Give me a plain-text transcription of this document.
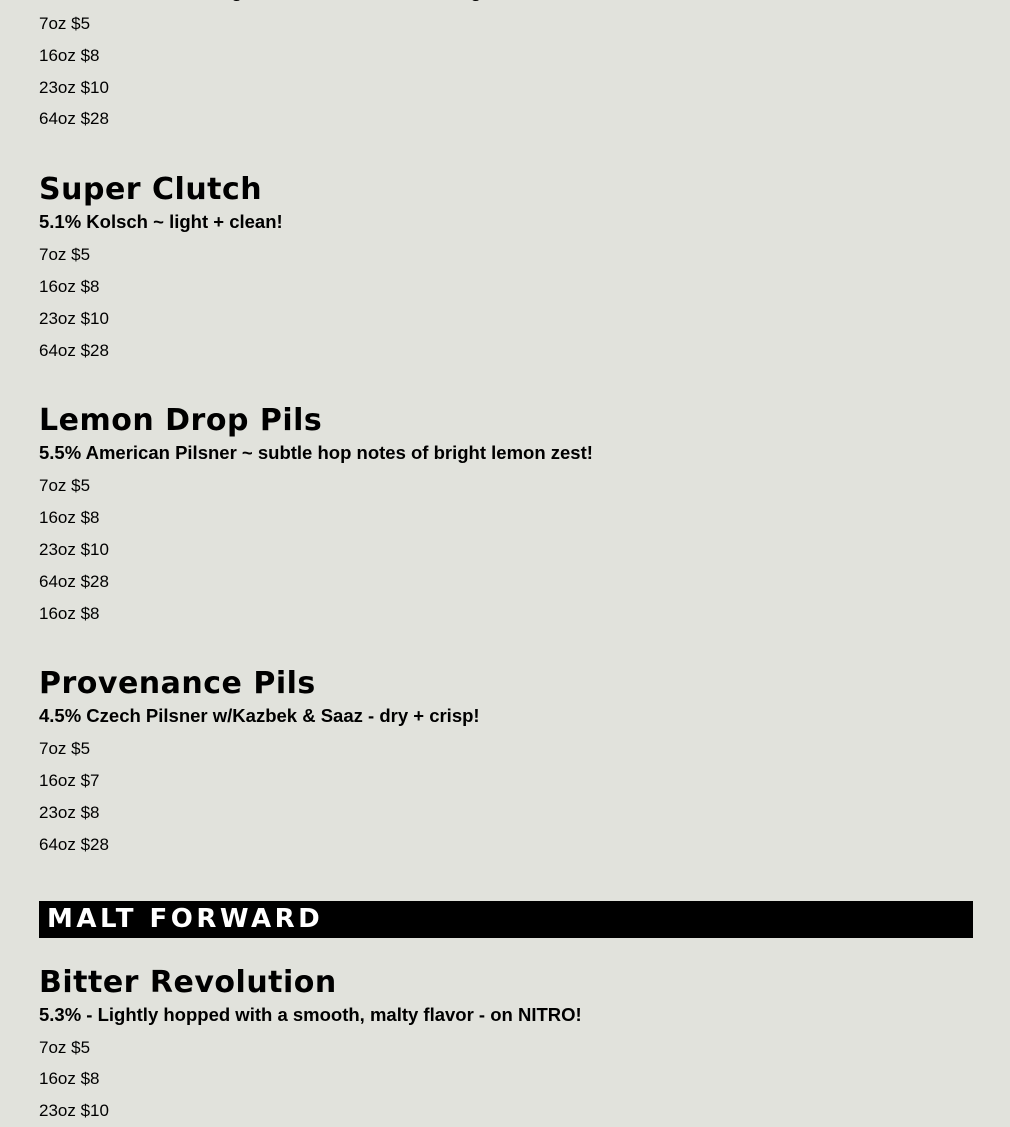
7oz $5
16oz $8
23oz $10
64oz $28
Super Clutch
5.1% Kolsch ~ light + clean!
7oz $5
16oz $8
23oz $10
64oz $28
Lemon Drop Pils
5.5% American Pilsner ~ subtle hop notes of bright lemon zest!
7oz $5
16oz $8
23oz $10
64oz $28
16oz $8
Provenance Pils
4.5% Czech Pilsner w/Kazbek & Saaz - dry + crisp!
7oz $5
16oz $7
23oz $8
64oz $28
MALT FORWARD
Bitter Revolution
5.3% - Lightly hopped with a smooth, malty flavor - on NITRO!
7oz $5
16oz $8
23oz $10
